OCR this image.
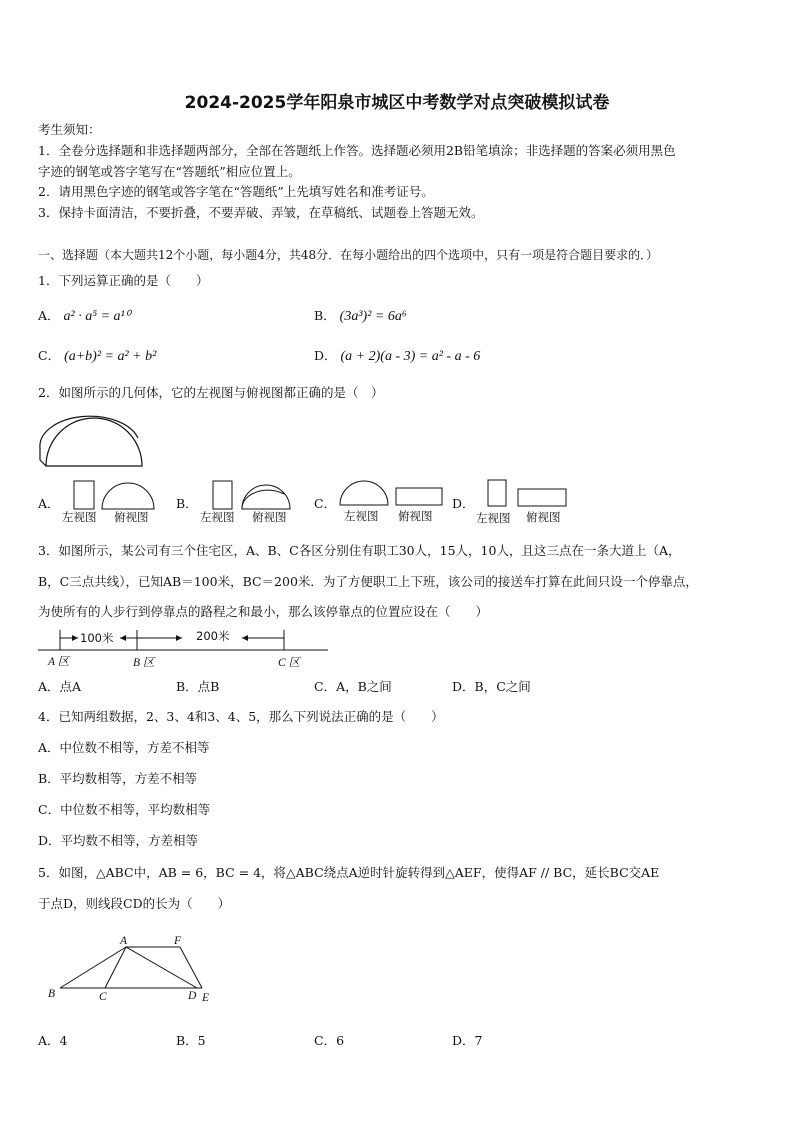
2024-2025学年阳泉市城区中考数学对点突破模拟试卷
考生须知：
1．全卷分选择题和非选择题两部分，全部在答题纸上作答。选择题必须用2B铅笔填涂；非选择题的答案必须用黑色
字迹的钢笔或答字笔写在“答题纸”相应位置上。
2．请用黑色字迹的钢笔或答字笔在“答题纸”上先填写姓名和准考证号。
3．保持卡面清洁，不要折叠，不要弄破、弄皱，在草稿纸、试题卷上答题无效。
一、选择题（本大题共12个小题，每小题4分，共48分．在每小题给出的四个选项中，只有一项是符合题目要求的．）
1．下列运算正确的是（　　）
A． a² · a⁵ = a¹⁰	B． (3a³)² = 6a⁶
C． (a+b)² = a² + b²	D． (a + 2)(a - 3) = a² - a - 6
2．如图所示的几何体，它的左视图与俯视图都正确的是（　）
A．
左视图 俯视图
B．
左视图 俯视图
C．
左视图 俯视图
D．
左视图 俯视图
3．如图所示，某公司有三个住宅区，A、B、C各区分别住有职工30人，15人，10人，且这三点在一条大道上（A，
B，C三点共线），已知AB＝100米，BC＝200米．为了方便职工上下班，该公司的接送车打算在此间只设一个停靠点，
为使所有的人步行到停靠点的路程之和最小，那么该停靠点的位置应设在（　　）
100米	200米
A 区	B 区	C 区
A．点A	B．点B	C．A，B之间	D．B，C之间
4．已知两组数据，2、3、4和3、4、5，那么下列说法正确的是（　　）
A．中位数不相等，方差不相等
B．平均数相等，方差不相等
C．中位数不相等，平均数相等
D．平均数不相等，方差相等
5．如图，△ABC中，AB = 6，BC = 4，将△ABC绕点A逆时针旋转得到△AEF，使得AF // BC，延长BC交AE
于点D，则线段CD的长为（　　）
A	F
B	C	D E
A．4	B．5	C．6	D．7
